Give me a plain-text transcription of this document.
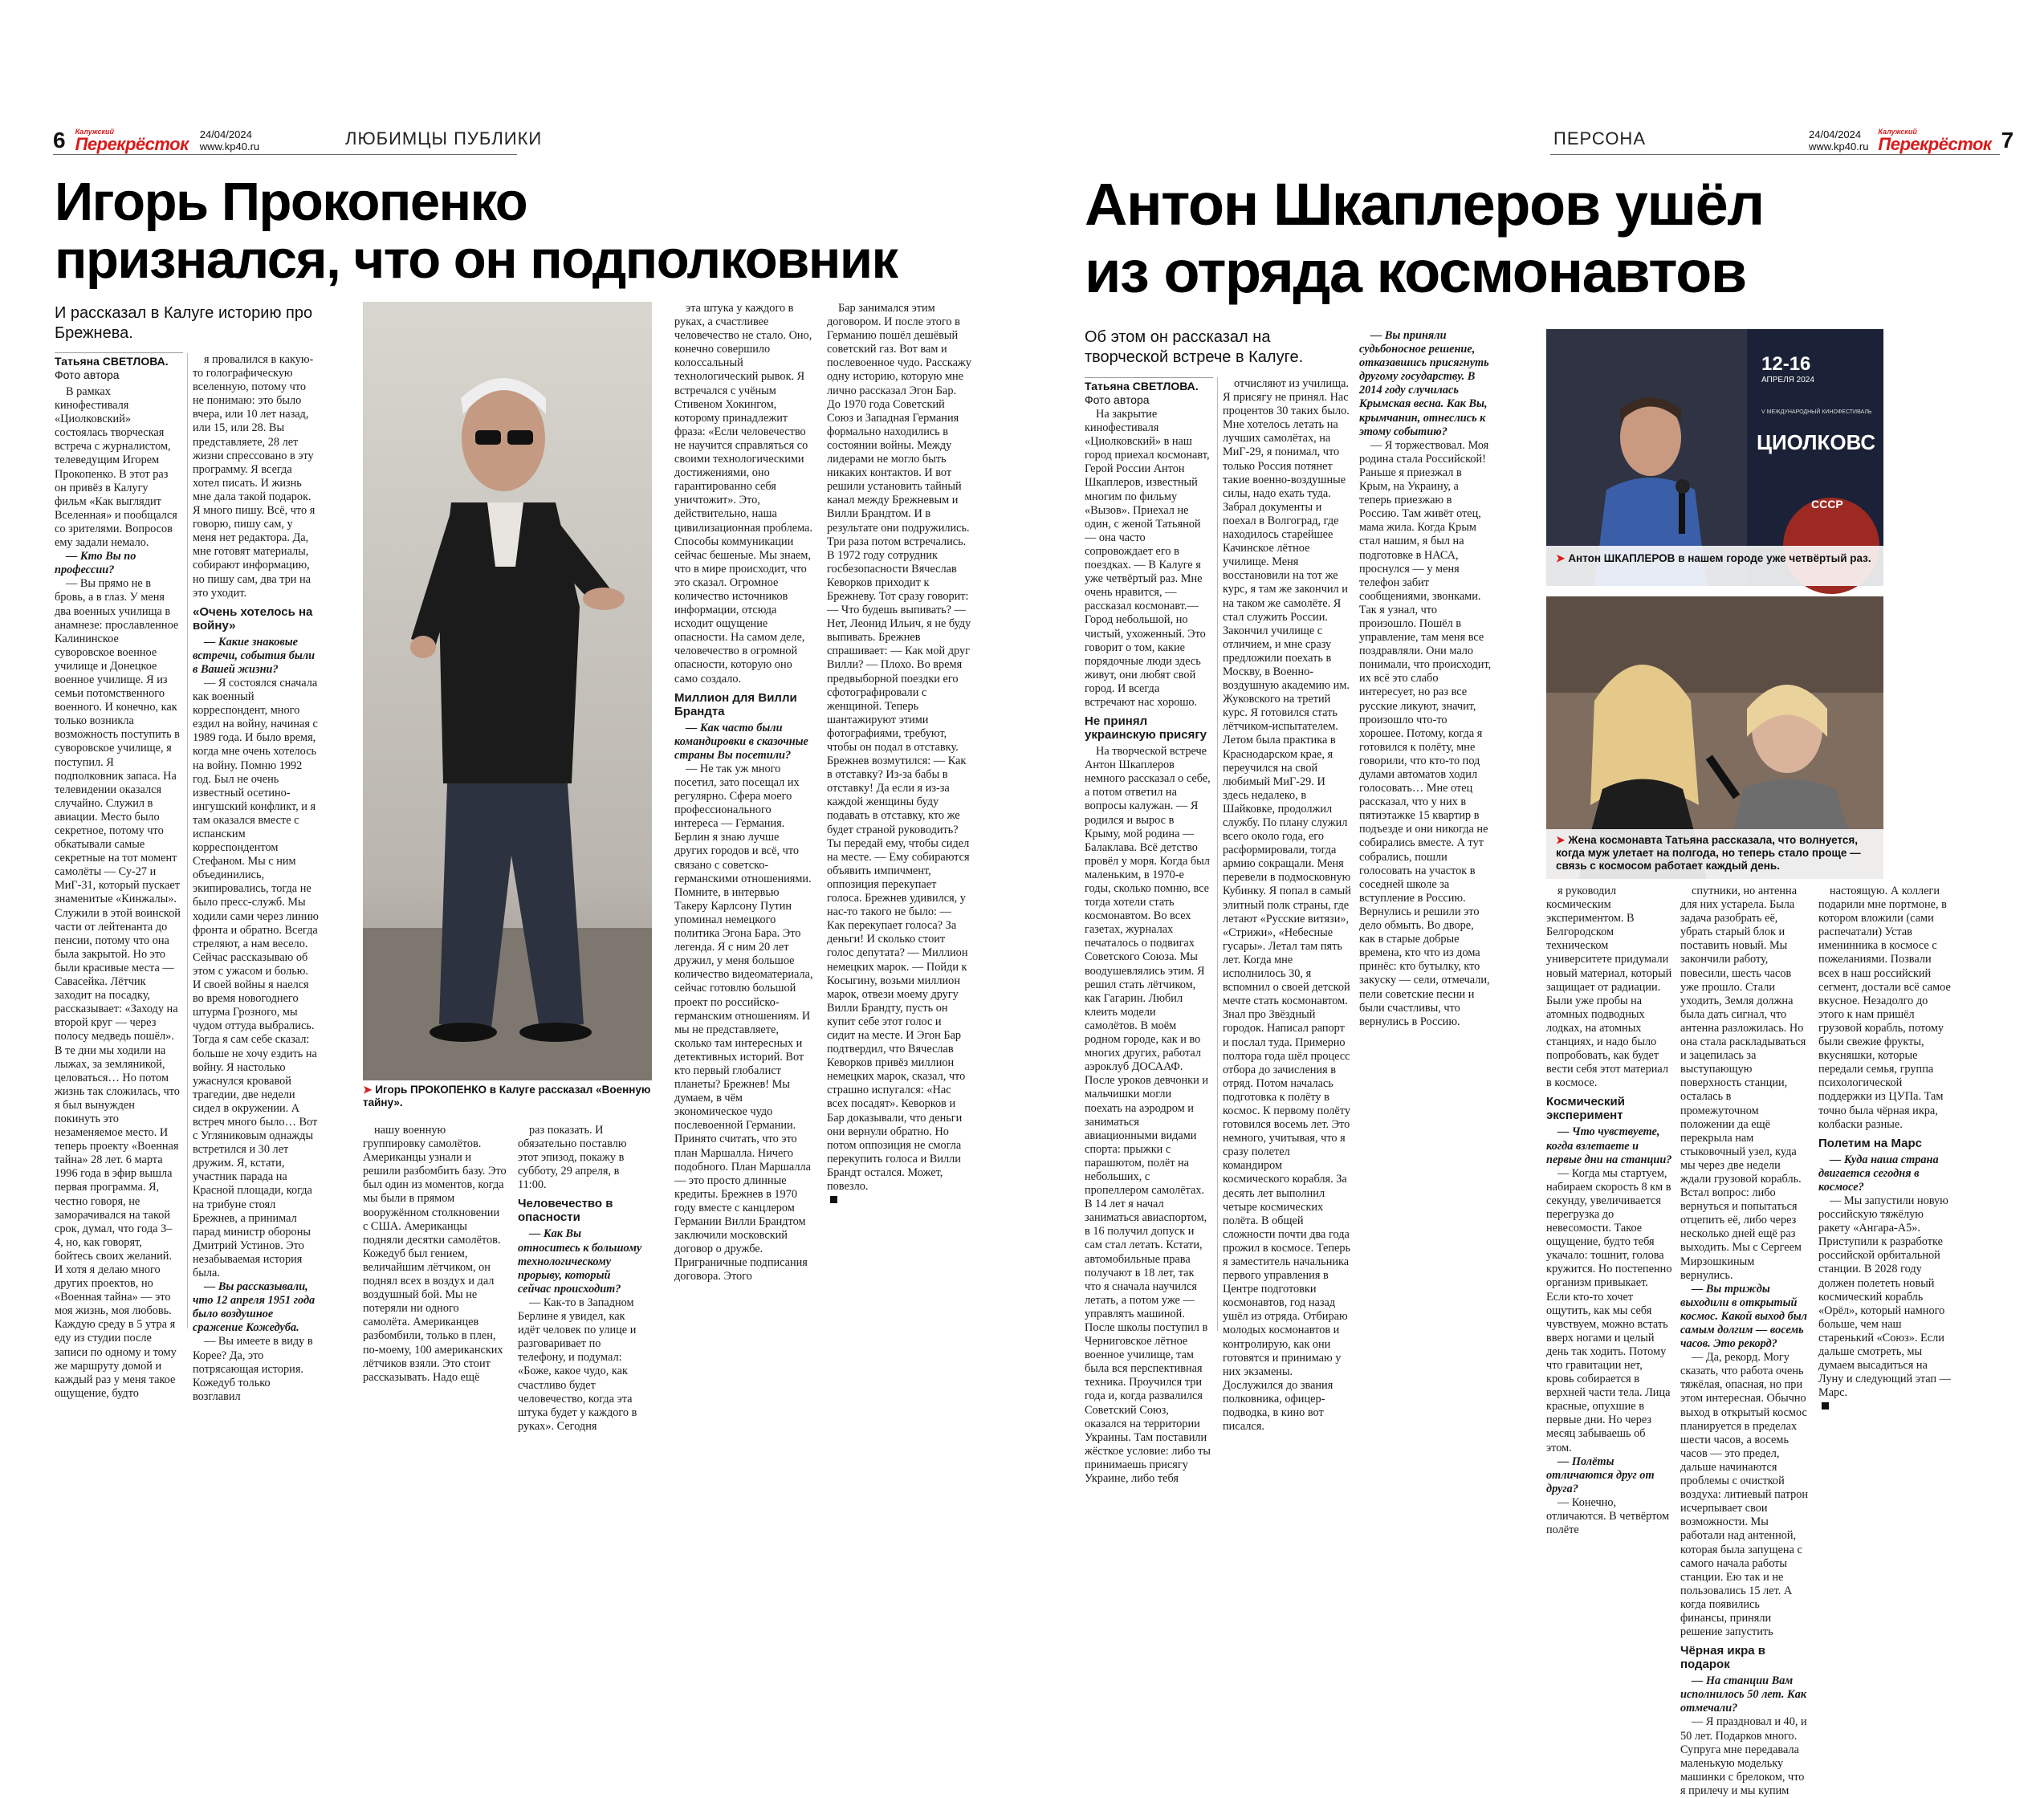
6 Калужский
Перекрёсток 24/04/2024
www.kp40.ru	ЛЮБИМЦЫ ПУБЛИКИ
Игорь Прокопенко
признался, что он подполковник
И рассказал в Калуге историю про Брежнева.
Татьяна СВЕТЛОВА.
Фото автора

В рамках кинофестиваля «Циолковский» состоялась творческая встреча с журналистом, телеведущим Игорем Прокопенко. В этот раз он привёз в Калугу фильм «Как выглядит Вселенная» и пообщался со зрителями. Вопросов ему задали немало.

— Кто Вы по профессии?

— Вы прямо не в бровь, а в глаз. У меня два военных училища в анамнезе: прославленное Калининское суворовское военное училище и Донецкое военное училище. Я из семьи потомственного военного. И конечно, как только возникла возможность поступить в суворовское училище, я поступил. Я подполковник запаса. На телевидении оказался случайно. Служил в авиации. Место было секретное, потому что обкатывали самые секретные на тот момент самолёты — Су-27 и МиГ-31, который пускает знаменитые «Кинжалы». Служили в этой воинской части от лейтенанта до пенсии, потому что она была закрытой. Но это были красивые места — Савасейка. Лётчик заходит на посадку, рассказывает: «Заходу на второй круг — через полосу медведь пошёл». В те дни мы ходили на лыжах, за земляникой, целоваться… Но потом жизнь так сложилась, что я был вынужден покинуть это незаменяемое место. И теперь проекту «Военная тайна» 28 лет. 6 марта 1996 года в эфир вышла первая программа. Я, честно говоря, не заморачивался на такой срок, думал, что года 3–4, но, как говорят, бойтесь своих желаний. И хотя я делаю много других проектов, но «Военная тайна» — это моя жизнь, моя любовь. Каждую среду в 5 утра я еду из студии после записи по одному и тому же маршруту домой и каждый раз у меня такое ощущение, будто

я провалился в какую-то голографическую вселенную, потому что не понимаю: это было вчера, или 10 лет назад, или 15, или 28. Вы представляете, 28 лет жизни спрессовано в эту программу. Я всегда хотел писать. И жизнь мне дала такой подарок. Я много пишу. Всё, что я говорю, пишу сам, у меня нет редактора. Да, мне готовят материалы, собирают информацию, но пишу сам, два три на это уходит.

«Очень хотелось на войну»

— Какие знаковые встречи, события были в Вашей жизни?

— Я состоялся сначала как военный корреспондент, много ездил на войну, начиная с 1989 года. И было время, когда мне очень хотелось на войну. Помню 1992 год. Был не очень известный осетино-ингушский конфликт, и я там оказался вместе с испанским корреспондентом Стефаном. Мы с ним объединились, экипировались, тогда не было пресс-служб. Мы ходили сами через линию фронта и обратно. Всегда стреляют, а нам весело. Сейчас рассказываю об этом с ужасом и болью. И своей войны я наелся во время новогоднего штурма Грозного, мы чудом оттуда выбрались. Тогда я сам себе сказал: больше не хочу ездить на войну. Я настолько ужаснулся кровавой трагедии, две недели сидел в окружении. А встреч много было… Вот с Угляниковым однажды встретился и 30 лет дружим. Я, кстати, участник парада на Красной площади, когда на трибуне стоял Брежнев, а принимал парад министр обороны Дмитрий Устинов. Это незабываемая история была.

— Вы рассказывали, что 12 апреля 1951 года было воздушное сражение Кожедуба.

— Вы имеете в виду в Корее? Да, это потрясающая история. Кожедуб только возглавил

➤ Игорь ПРОКОПЕНКО в Калуге рассказал «Военную тайну».

нашу военную группировку самолётов. Американцы узнали и решили разбомбить базу. Это был один из моментов, когда мы были в прямом вооружённом столкновении с США. Американцы подняли десятки самолётов. Кожедуб был гением, величайшим лётчиком, он поднял всех в воздух и дал воздушный бой. Мы не потеряли ни одного самолёта. Американцев разбомбили, только в плен, по-моему, 100 американских лётчиков взяли. Это стоит рассказывать. Надо ещё

раз показать. И обязательно поставлю этот эпизод, покажу в субботу, 29 апреля, в 11:00.

Человечество в опасности

— Как Вы относитесь к большому технологическому прорыву, который сейчас происходит?

— Как-то в Западном Берлине я увидел, как идёт человек по улице и разговаривает по телефону, и подумал: «Боже, какое чудо, как счастливо будет человечество, когда эта штука будет у каждого в руках». Сегодня

эта штука у каждого в руках, а счастливее человечество не стало. Оно, конечно совершило колоссальный технологический рывок. Я встречался с учёным Стивеном Хокингом, которому принадлежит фраза: «Если человечество не научится справляться со своими технологическими достижениями, оно гарантированно себя уничтожит». Это, действительно, наша цивилизационная проблема. Способы коммуникации сейчас бешеные. Мы знаем, что в мире происходит, что это сказал. Огромное количество источников информации, отсюда исходит ощущение опасности. На самом деле, человечество в огромной опасности, которую оно само создало.

Миллион для Вилли Брандта

— Как часто были командировки в сказочные страны Вы посетили?

— Не так уж много посетил, зато посещал их регулярно. Сфера моего профессионального интереса — Германия. Берлин я знаю лучше других городов и всё, что связано с советско-германскими отношениями. Помните, в интервью Такеру Карлсону Путин упоминал немецкого политика Эгона Бара. Это легенда. Я с ним 20 лет дружил, у меня большое количество видеоматериала, сейчас готовлю большой проект по российско-германским отношениям. И мы не представляете, сколько там интересных и детективных историй. Вот кто первый глобалист планеты? Брежнев! Мы думаем, в чём экономическое чудо послевоенной Германии. Принято считать, что это план Маршалла. Ничего подобного. План Маршалла — это просто длинные кредиты. Брежнев в 1970 году вместе с канцлером Германии Вилли Брандтом заключили московский договор о дружбе. Приграничные подписания договора. Этого

Бар занимался этим договором. И после этого в Германию пошёл дешёвый советский газ. Вот вам и послевоенное чудо. Расскажу одну историю, которую мне лично рассказал Эгон Бар. До 1970 года Советский Союз и Западная Германия формально находились в состоянии войны. Между лидерами не могло быть никаких контактов. И вот решили установить тайный канал между Брежневым и Вилли Брандтом. И в результате они подружились. Три раза потом встречались. В 1972 году сотрудник госбезопасности Вячеслав Кеворков приходит к Брежневу. Тот сразу говорит: — Что будешь выпивать? — Нет, Леонид Ильич, я не буду выпивать. Брежнев спрашивает: — Как мой друг Вилли? — Плохо. Во время предвыборной поездки его сфотографировали с женщиной. Теперь шантажируют этими фотографиями, требуют, чтобы он подал в отставку. Брежнев возмутился: — Как в отставку? Из-за бабы в отставку! Да если я из-за каждой женщины буду подавать в отставку, кто же будет страной руководить? Ты передай ему, чтобы сидел на месте. — Ему собираются объявить импичмент, оппозиция перекупает голоса. Брежнев удивился, у нас-то такого не было: — Как перекупает голоса? За деньги! И сколько стоит голос депутата? — Миллион немецких марок. — Пойди к Косыгину, возьми миллион марок, отвези моему другу Вилли Брандту, пусть он купит себе этот голос и сидит на месте. И Эгон Бар подтвердил, что Вячеслав Кеворков привёз миллион немецких марок, сказал, что страшно испугался: «Нас всех посадят». Кеворков и Бар доказывали, что деньги они вернули обратно. Но потом оппозиция не смогла перекупить голоса и Вилли Брандт остался. Может, повезло.

ПЕРСОНА	24/04/2024
www.kp40.ru
Калужский
Перекрёсток 7
Антон Шкаплеров ушёл
из отряда космонавтов
Об этом он рассказал на творческой встрече в Калуге.
Татьяна СВЕТЛОВА.
Фото автора

На закрытие кинофестиваля «Циолковский» в наш город приехал космонавт, Герой России Антон Шкаплеров, известный многим по фильму «Вызов». Приехал не один, с женой Татьяной — она часто сопровождает его в поездках. — В Калуге я уже четвёртый раз. Мне очень нравится, — рассказал космонавт.— Город небольшой, но чистый, ухоженный. Это говорит о том, какие порядочные люди здесь живут, они любят свой город. И всегда встречают нас хорошо.

Не принял украинскую присягу

На творческой встрече Антон Шкаплеров немного рассказал о себе, а потом ответил на вопросы калужан. — Я родился и вырос в Крыму, мой родина — Балаклава. Всё детство провёл у моря. Когда был маленьким, в 1970-е годы, сколько помню, все тогда хотели стать космонавтом. Во всех газетах, журналах печаталось о подвигах Советского Союза. Мы воодушевлялись этим. Я решил стать лётчиком, как Гагарин. Любил клеить модели самолётов. В моём родном городе, как и во многих других, работал аэроклуб ДОСААФ. После уроков девчонки и мальчишки могли поехать на аэродром и заниматься авиационными видами спорта: прыжки с парашютом, полёт на небольших, с пропеллером самолётах. В 14 лет я начал заниматься авиаспортом, в 16 получил допуск и сам стал летать. Кстати, автомобильные права получают в 18 лет, так что я сначала научился летать, а потом уже — управлять машиной. После школы поступил в Черниговское лётное военное училище, там была вся перспективная техника. Проучился три года и, когда развалился Советский Союз, оказался на территории Украины. Там поставили жёсткое условие: либо ты принимаешь присягу Украине, либо тебя

отчисляют из училища. Я присягу не принял. Нас процентов 30 таких было. Мне хотелось летать на лучших самолётах, на МиГ-29, я понимал, что только Россия потянет такие военно-воздушные силы, надо ехать туда. Забрал документы и поехал в Волгоград, где находилось старейшее Качинское лётное училище. Меня восстановили на тот же курс, я там же закончил и на таком же самолёте. Я стал служить России. Закончил училище с отличием, и мне сразу предложили поехать в Москву, в Военно-воздушную академию им. Жуковского на третий курс. Я готовился стать лётчиком-испытателем. Летом была практика в Краснодарском крае, я переучился на свой любимый МиГ-29. И здесь недалеко, в Шайковке, продолжил службу. По плану служил всего около года, его расформировали, тогда армию сокращали. Меня перевели в подмосковную Кубинку. Я попал в самый элитный полк страны, где летают «Русские витязи», «Стрижи», «Небесные гусары». Летал там пять лет. Когда мне исполнилось 30, я вспомнил о своей детской мечте стать космонавтом. Знал про Звёздный городок. Написал рапорт и послал туда. Примерно полтора года шёл процесс отбора до зачисления в отряд. Потом началась подготовка к полёту в космос. К первому полёту готовился восемь лет. Это немного, учитывая, что я сразу полетел командиром космического корабля. За десять лет выполнил четыре космических полёта. В общей сложности почти два года прожил в космосе. Теперь я заместитель начальника первого управления в Центре подготовки космонавтов, год назад ушёл из отряда. Отбираю молодых космонавтов и контролирую, как они готовятся и принимаю у них экзамены. Дослужился до звания полковника, офицер-подводка, в кино вот писался.

— Вы приняли судьбоносное решение, отказавшись присягнуть другому государству. В 2014 году случилась Крымская весна. Как Вы, крымчанин, отнеслись к этому событию?

— Я торжествовал. Моя родина стала Российской! Раньше я приезжал в Крым, на Украину, а теперь приезжаю в Россию. Там живёт отец, мама жила. Когда Крым стал нашим, я был на подготовке в НАСА, проснулся — у меня телефон забит сообщениями, звонками. Так я узнал, что произошло. Пошёл в управление, там меня все поздравляли. Они мало понимали, что происходит, их всё это слабо интересует, но раз все русские ликуют, значит, произошло что-то хорошее. Потому, когда я готовился к полёту, мне говорили, что кто-то под дулами автоматов ходил голосовать… Мне отец рассказал, что у них в пятиэтажке 15 квартир в подъезде и они никогда не собирались вместе. А тут собрались, пошли голосовать на участок в соседней школе за вступление в Россию. Вернулись и решили это дело обмыть. Во дворе, как в старые добрые времена, кто что из дома принёс: кто бутылку, кто закуску — сели, отмечали, пели советские песни и были счастливы, что вернулись в Россию.

12-16
АПРЕЛЯ 2024
V МЕЖДУНАРОДНЫЙ КИНОФЕСТИВАЛЬ
ЦИОЛКОВС
СССР
➤ Антон ШКАПЛЕРОВ в нашем городе уже четвёртый раз.
➤ Жена космонавта Татьяна рассказала, что волнуется, когда муж улетает на полгода, но теперь стало проще — связь с космосом работает каждый день.

я руководил космическим экспериментом. В Белгородском техническом университете придумали новый материал, который защищает от радиации. Были уже пробы на атомных подводных лодках, на атомных станциях, и надо было попробовать, как будет вести себя этот материал в космосе.

Космический эксперимент

— Что чувствуете, когда взлетаете и первые дни на станции?

— Когда мы стартуем, набираем скорость 8 км в секунду, увеличивается перегрузка до невесомости. Такое ощущение, будто тебя укачало: тошнит, голова кружится. Но постепенно организм привыкает. Если кто-то хочет ощутить, как мы себя чувствуем, можно встать вверх ногами и целый день так ходить. Потому что гравитации нет, кровь собирается в верхней части тела. Лица красные, опухшие в первые дни. Но через месяц забываешь об этом.

— Полёты отличаются друг от друга?

— Конечно, отличаются. В четвёртом полёте

спутники, но антенна для них устарела. Была задача разобрать её, убрать старый блок и поставить новый. Мы закончили работу, повесили, шесть часов уже прошло. Стали уходить, Земля должна была дать сигнал, что антенна разложилась. Но она стала раскладываться и зацепилась за выступающую поверхность станции, осталась в промежуточном положении да ещё перекрыла нам стыковочный узел, куда мы через две недели ждали грузовой корабль. Встал вопрос: либо вернуться и попытаться отцепить её, либо через несколько дней ещё раз выходить. Мы с Сергеем Мирзошкиным вернулись.

— Вы трижды выходили в открытый космос. Какой выход был самым долгим — восемь часов. Это рекорд?

— Да, рекорд. Могу сказать, что работа очень тяжёлая, опасная, но при этом интересная. Обычно выход в открытый космос планируется в пределах шести часов, а восемь часов — это предел, дальше начинаются проблемы с очисткой воздуха: литиевый патрон исчерпывает свои возможности. Мы работали над антенной, которая была запущена с самого начала работы станции. Ею так и не пользовались 15 лет. А когда появились финансы, приняли решение запустить

Чёрная икра в подарок

— На станции Вам исполнилось 50 лет. Как отмечали?

— Я праздновал и 40, и 50 лет. Подарков много. Супруга мне передавала маленькую модельку машинки с брелоком, что я прилечу и мы купим

настоящую. А коллеги подарили мне портмоне, в котором вложили (сами распечатали) Устав именинника в космосе с пожеланиями. Позвали всех в наш российский сегмент, достали всё самое вкусное. Незадолго до этого к нам пришёл грузовой корабль, потому были свежие фрукты, вкусняшки, которые передали семья, группа психологической поддержки из ЦУПа. Там точно была чёрная икра, колбаски разные.

Полетим на Марс

— Куда наша страна двигается сегодня в космосе?

— Мы запустили новую российскую тяжёлую ракету «Ангара-А5». Приступили к разработке российской орбитальной станции. В 2028 году должен полететь новый космический корабль «Орёл», который намного больше, чем наш старенький «Союз». Если дальше смотреть, мы думаем высадиться на Луну и следующий этап — Марс.
